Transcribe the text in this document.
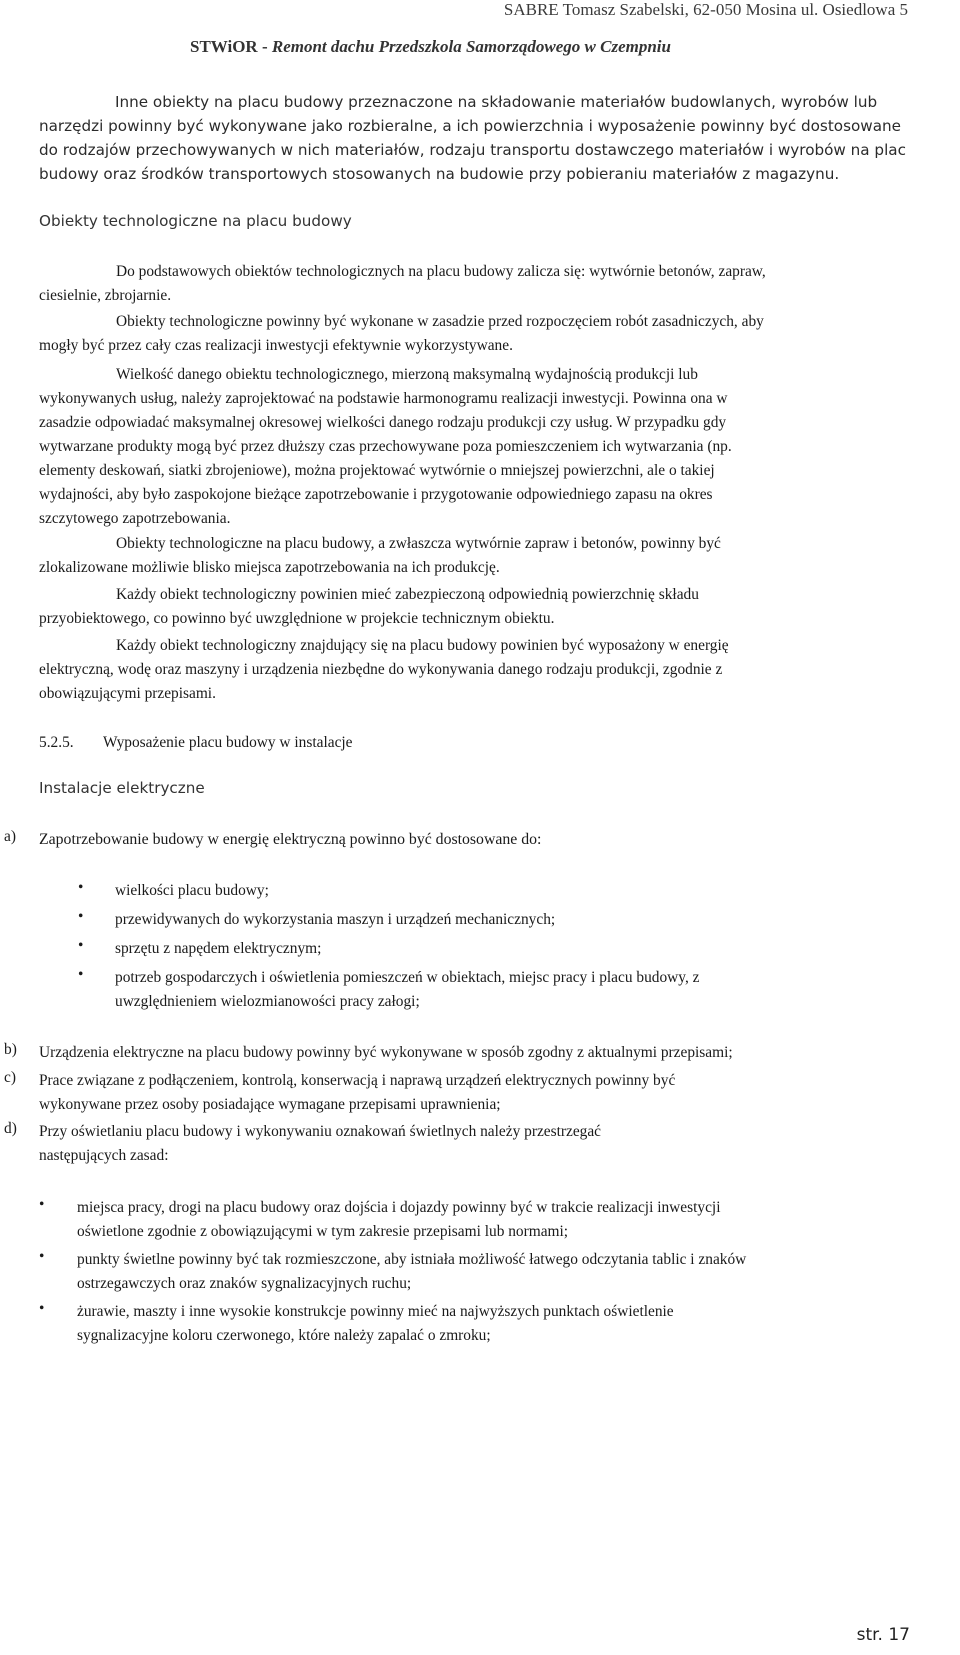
SABRE Tomasz Szabelski, 62-050 Mosina ul. Osiedlowa 5
STWiOR - Remont dachu Przedszkola Samorządowego w Czempniu
Inne obiekty na placu budowy przeznaczone na składowanie materiałów budowlanych, wyrobów lub
narzędzi powinny być wykonywane jako rozbieralne, a ich powierzchnia i wyposażenie powinny być dostosowane
do rodzajów przechowywanych w nich materiałów, rodzaju transportu dostawczego materiałów i wyrobów na plac
budowy oraz środków transportowych stosowanych na budowie przy pobieraniu materiałów z magazynu.
Obiekty technologiczne na placu budowy
Do podstawowych obiektów technologicznych na placu budowy zalicza się: wytwórnie betonów, zapraw,
ciesielnie, zbrojarnie.
Obiekty technologiczne powinny być wykonane w zasadzie przed rozpoczęciem robót zasadniczych, aby
mogły być przez cały czas realizacji inwestycji efektywnie wykorzystywane.
Wielkość danego obiektu technologicznego, mierzoną maksymalną wydajnością produkcji lub
wykonywanych usług, należy zaprojektować na podstawie harmonogramu realizacji inwestycji. Powinna ona w
zasadzie odpowiadać maksymalnej okresowej wielkości danego rodzaju produkcji czy usług. W przypadku gdy
wytwarzane produkty mogą być przez dłuższy czas przechowywane poza pomieszczeniem ich wytwarzania (np.
elementy deskowań, siatki zbrojeniowe), można projektować wytwórnie o mniejszej powierzchni, ale o takiej
wydajności, aby było zaspokojone bieżące zapotrzebowanie i przygotowanie odpowiedniego zapasu na okres
szczytowego zapotrzebowania.
Obiekty technologiczne na placu budowy, a zwłaszcza wytwórnie zapraw i betonów, powinny być
zlokalizowane możliwie blisko miejsca zapotrzebowania na ich produkcję.
Każdy obiekt technologiczny powinien mieć zabezpieczoną odpowiednią powierzchnię składu
przyobiektowego, co powinno być uwzględnione w projekcie technicznym obiektu.
Każdy obiekt technologiczny znajdujący się na placu budowy powinien być wyposażony w energię
elektryczną, wodę oraz maszyny i urządzenia niezbędne do wykonywania danego rodzaju produkcji, zgodnie z
obowiązującymi przepisami.
5.2.5. Wyposażenie placu budowy w instalacje
Instalacje elektryczne
a) Zapotrzebowanie budowy w energię elektryczną powinno być dostosowane do:
• wielkości placu budowy;
• przewidywanych do wykorzystania maszyn i urządzeń mechanicznych;
• sprzętu z napędem elektrycznym;
• potrzeb gospodarczych i oświetlenia pomieszczeń w obiektach, miejsc pracy i placu budowy, z
uwzględnieniem wielozmianowości pracy załogi;
b) Urządzenia elektryczne na placu budowy powinny być wykonywane w sposób zgodny z aktualnymi przepisami;
c) Prace związane z podłączeniem, kontrolą, konserwacją i naprawą urządzeń elektrycznych powinny być
wykonywane przez osoby posiadające wymagane przepisami uprawnienia;
d) Przy oświetlaniu placu budowy i wykonywaniu oznakowań świetlnych należy przestrzegać
następujących zasad:
• miejsca pracy, drogi na placu budowy oraz dojścia i dojazdy powinny być w trakcie realizacji inwestycji
oświetlone zgodnie z obowiązującymi w tym zakresie przepisami lub normami;
• punkty świetlne powinny być tak rozmieszczone, aby istniała możliwość łatwego odczytania tablic i znaków
ostrzegawczych oraz znaków sygnalizacyjnych ruchu;
• żurawie, maszty i inne wysokie konstrukcje powinny mieć na najwyższych punktach oświetlenie
sygnalizacyjne koloru czerwonego, które należy zapalać o zmroku;
str. 17
